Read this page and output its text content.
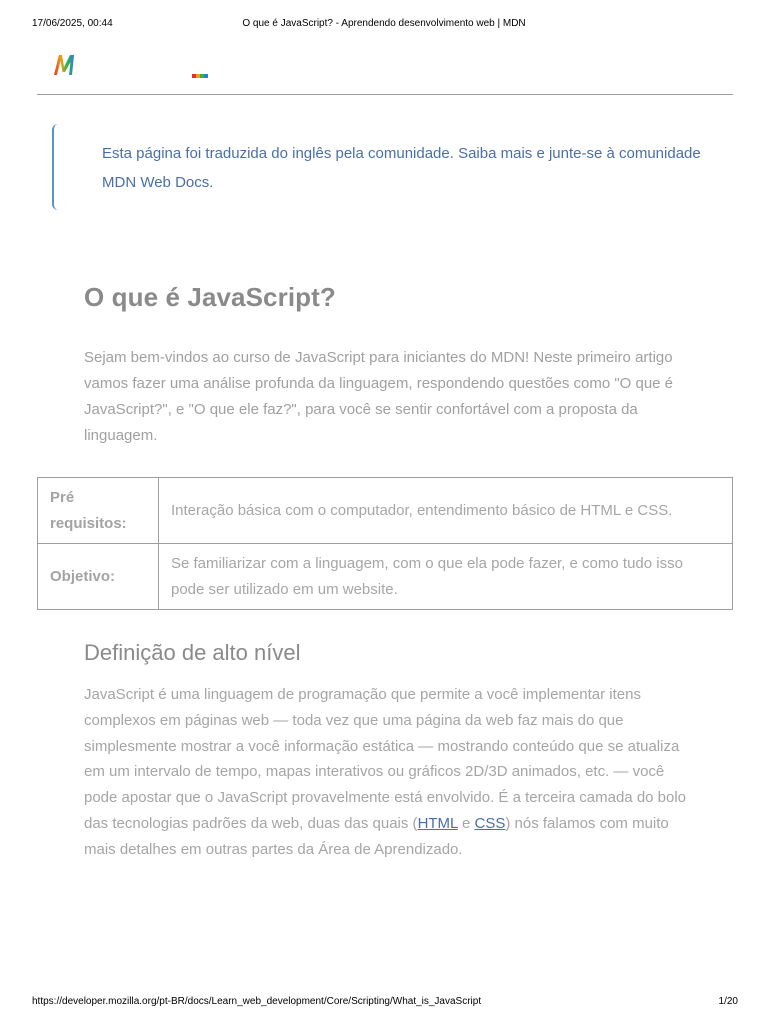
17/06/2025, 00:44	O que é JavaScript? - Aprendendo desenvolvimento web | MDN
Esta página foi traduzida do inglês pela comunidade. Saiba mais e junte-se à comunidade MDN Web Docs.
O que é JavaScript?

Sejam bem-vindos ao curso de JavaScript para iniciantes do MDN! Neste primeiro artigo vamos fazer uma análise profunda da linguagem, respondendo questões como "O que é JavaScript?", e "O que ele faz?", para você se sentir confortável com a proposta da linguagem.

Pré requisitos:	Interação básica com o computador, entendimento básico de HTML e CSS.
Objetivo:	Se familiarizar com a linguagem, com o que ela pode fazer, e como tudo isso pode ser utilizado em um website.
Definição de alto nível

JavaScript é uma linguagem de programação que permite a você implementar itens complexos em páginas web — toda vez que uma página da web faz mais do que simplesmente mostrar a você informação estática — mostrando conteúdo que se atualiza em um intervalo de tempo, mapas interativos ou gráficos 2D/3D animados, etc. — você pode apostar que o JavaScript provavelmente está envolvido. É a terceira camada do bolo das tecnologias padrões da web, duas das quais (HTML e CSS) nós falamos com muito mais detalhes em outras partes da Área de Aprendizado.

https://developer.mozilla.org/pt-BR/docs/Learn_web_development/Core/Scripting/What_is_JavaScript	1/20
